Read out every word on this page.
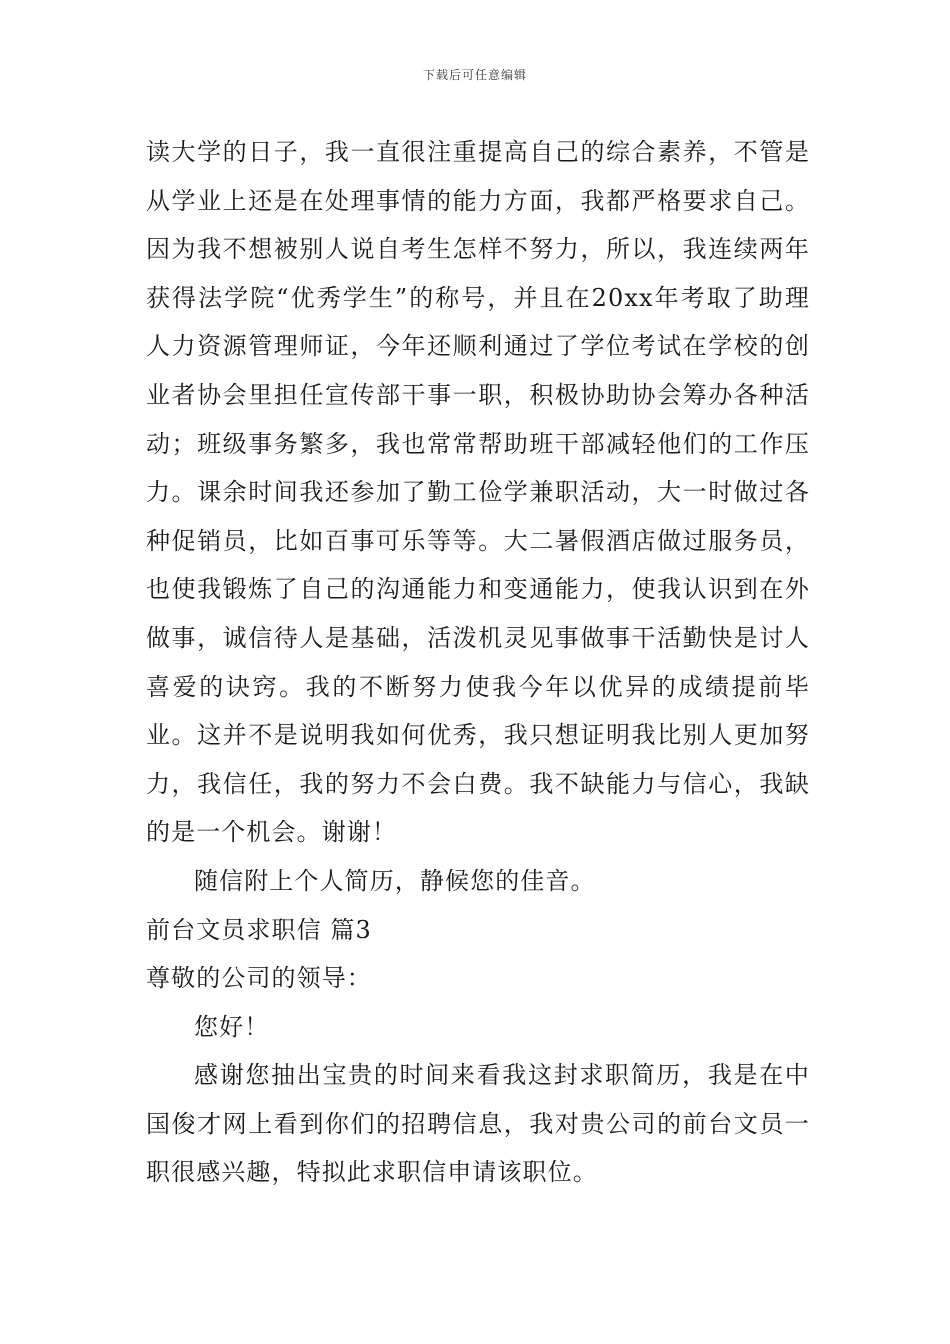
下载后可任意编辑

读大学的日子，我一直很注重提高自己的综合素养，不管是从学业上还是在处理事情的能力方面，我都严格要求自己。因为我不想被别人说自考生怎样不努力，所以，我连续两年获得法学院“优秀学生”的称号，并且在20xx年考取了助理人力资源管理师证，今年还顺利通过了学位考试在学校的创业者协会里担任宣传部干事一职，积极协助协会筹办各种活动；班级事务繁多，我也常常帮助班干部减轻他们的工作压力。课余时间我还参加了勤工俭学兼职活动，大一时做过各种促销员，比如百事可乐等等。大二暑假酒店做过服务员，也使我锻炼了自己的沟通能力和变通能力，使我认识到在外做事，诚信待人是基础，活泼机灵见事做事干活勤快是讨人喜爱的诀窍。我的不断努力使我今年以优异的成绩提前毕业。这并不是说明我如何优秀，我只想证明我比别人更加努力，我信任，我的努力不会白费。我不缺能力与信心，我缺的是一个机会。谢谢！

随信附上个人简历，静候您的佳音。

前台文员求职信 篇3

尊敬的公司的领导：

您好！

感谢您抽出宝贵的时间来看我这封求职简历，我是在中国俊才网上看到你们的招聘信息，我对贵公司的前台文员一职很感兴趣，特拟此求职信申请该职位。
